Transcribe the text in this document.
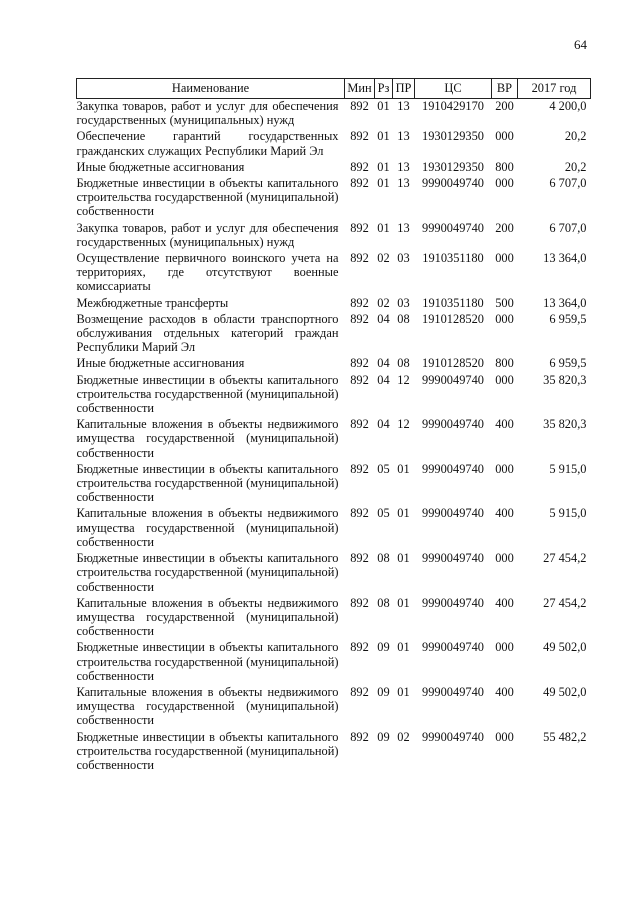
64
Наименование	Мин	Рз	ПР	ЦС	ВР	2017 год
Закупка товаров, работ и услуг для обеспечения государственных (муниципальных) нужд	892	01	13	1910429170	200	4 200,0
Обеспечение гарантий государственных гражданских служащих Республики Марий Эл	892	01	13	1930129350	000	20,2
Иные бюджетные ассигнования	892	01	13	1930129350	800	20,2
Бюджетные инвестиции в объекты капитального строительства государственной (муниципальной) собственности	892	01	13	9990049740	000	6 707,0
Закупка товаров, работ и услуг для обеспечения государственных (муниципальных) нужд	892	01	13	9990049740	200	6 707,0
Осуществление первичного воинского учета на территориях, где отсутствуют военные комиссариаты	892	02	03	1910351180	000	13 364,0
Межбюджетные трансферты	892	02	03	1910351180	500	13 364,0
Возмещение расходов в области транспортного обслуживания отдельных категорий граждан Республики Марий Эл	892	04	08	1910128520	000	6 959,5
Иные бюджетные ассигнования	892	04	08	1910128520	800	6 959,5
Бюджетные инвестиции в объекты капитального строительства государственной (муниципальной) собственности	892	04	12	9990049740	000	35 820,3
Капитальные вложения в объекты недвижимого имущества государственной (муниципальной) собственности	892	04	12	9990049740	400	35 820,3
Бюджетные инвестиции в объекты капитального строительства государственной (муниципальной) собственности	892	05	01	9990049740	000	5 915,0
Капитальные вложения в объекты недвижимого имущества государственной (муниципальной) собственности	892	05	01	9990049740	400	5 915,0
Бюджетные инвестиции в объекты капитального строительства государственной (муниципальной) собственности	892	08	01	9990049740	000	27 454,2
Капитальные вложения в объекты недвижимого имущества государственной (муниципальной) собственности	892	08	01	9990049740	400	27 454,2
Бюджетные инвестиции в объекты капитального строительства государственной (муниципальной) собственности	892	09	01	9990049740	000	49 502,0
Капитальные вложения в объекты недвижимого имущества государственной (муниципальной) собственности	892	09	01	9990049740	400	49 502,0
Бюджетные инвестиции в объекты капитального строительства государственной (муниципальной) собственности	892	09	02	9990049740	000	55 482,2
